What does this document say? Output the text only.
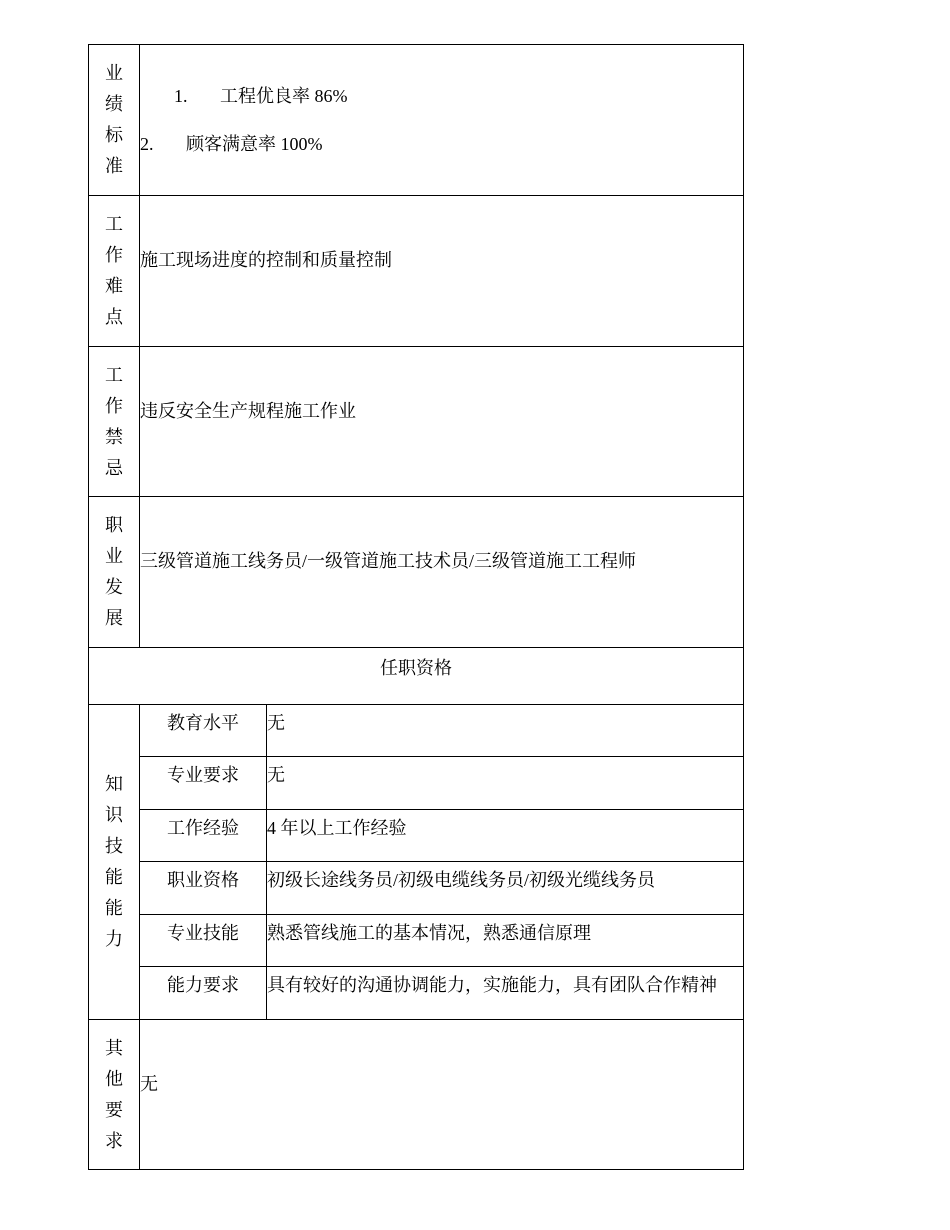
业绩标准	1. 工程优良率 86%
2. 顾客满意率 100%	

工作难点	施工现场进度的控制和质量控制	
工作禁忌	违反安全生产规程施工作业	
职业发展	三级管道施工线务员/一级管道施工技术员/三级管道施工工程师	
任职资格		
知识技能能力	教育水平	无
	专业要求	无
	工作经验	4 年以上工作经验
	职业资格	初级长途线务员/初级电缆线务员/初级光缆线务员
	专业技能	熟悉管线施工的基本情况，熟悉通信原理
	能力要求	具有较好的沟通协调能力，实施能力，具有团队合作精神
其他要求	无	
